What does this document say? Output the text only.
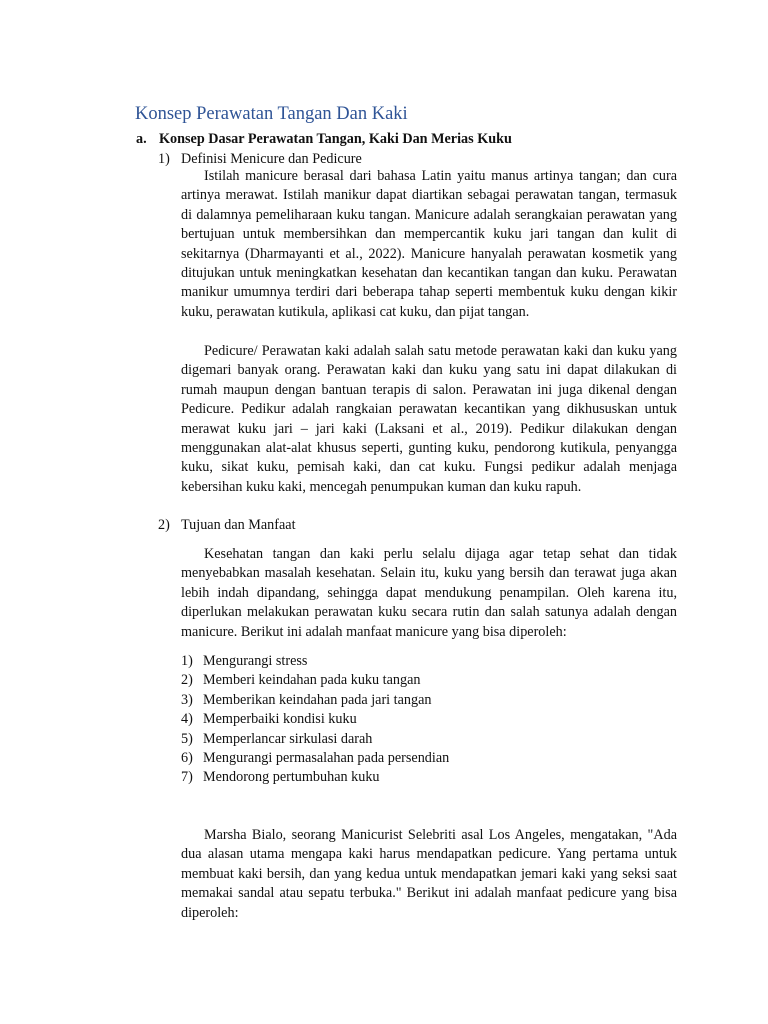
Konsep Perawatan Tangan Dan Kaki
a. Konsep Dasar Perawatan Tangan, Kaki Dan Merias Kuku
1) Definisi Menicure dan Pedicure

Istilah manicure berasal dari bahasa Latin yaitu manus artinya tangan; dan cura artinya merawat. Istilah manikur dapat diartikan sebagai perawatan tangan, termasuk di dalamnya pemeliharaan kuku tangan. Manicure adalah serangkaian perawatan yang bertujuan untuk membersihkan dan mempercantik kuku jari tangan dan kulit di sekitarnya (Dharmayanti et al., 2022). Manicure hanyalah perawatan kosmetik yang ditujukan untuk meningkatkan kesehatan dan kecantikan tangan dan kuku. Perawatan manikur umumnya terdiri dari beberapa tahap seperti membentuk kuku dengan kikir kuku, perawatan kutikula, aplikasi cat kuku, dan pijat tangan.

Pedicure/ Perawatan kaki adalah salah satu metode perawatan kaki dan kuku yang digemari banyak orang. Perawatan kaki dan kuku yang satu ini dapat dilakukan di rumah maupun dengan bantuan terapis di salon. Perawatan ini juga dikenal dengan Pedicure. Pedikur adalah rangkaian perawatan kecantikan yang dikhususkan untuk merawat kuku jari – jari kaki (Laksani et al., 2019). Pedikur dilakukan dengan menggunakan alat-alat khusus seperti, gunting kuku, pendorong kutikula, penyangga kuku, sikat kuku, pemisah kaki, dan cat kuku. Fungsi pedikur adalah menjaga kebersihan kuku kaki, mencegah penumpukan kuman dan kuku rapuh.

2) Tujuan dan Manfaat

Kesehatan tangan dan kaki perlu selalu dijaga agar tetap sehat dan tidak menyebabkan masalah kesehatan. Selain itu, kuku yang bersih dan terawat juga akan lebih indah dipandang, sehingga dapat mendukung penampilan. Oleh karena itu, diperlukan melakukan perawatan kuku secara rutin dan salah satunya adalah dengan manicure. Berikut ini adalah manfaat manicure yang bisa diperoleh:

1) Mengurangi stress
2) Memberi keindahan pada kuku tangan
3) Memberikan keindahan pada jari tangan
4) Memperbaiki kondisi kuku
5) Memperlancar sirkulasi darah
6) Mengurangi permasalahan pada persendian
7) Mendorong pertumbuhan kuku

Marsha Bialo, seorang Manicurist Selebriti asal Los Angeles, mengatakan, "Ada dua alasan utama mengapa kaki harus mendapatkan pedicure. Yang pertama untuk membuat kaki bersih, dan yang kedua untuk mendapatkan jemari kaki yang seksi saat memakai sandal atau sepatu terbuka." Berikut ini adalah manfaat pedicure yang bisa diperoleh:
